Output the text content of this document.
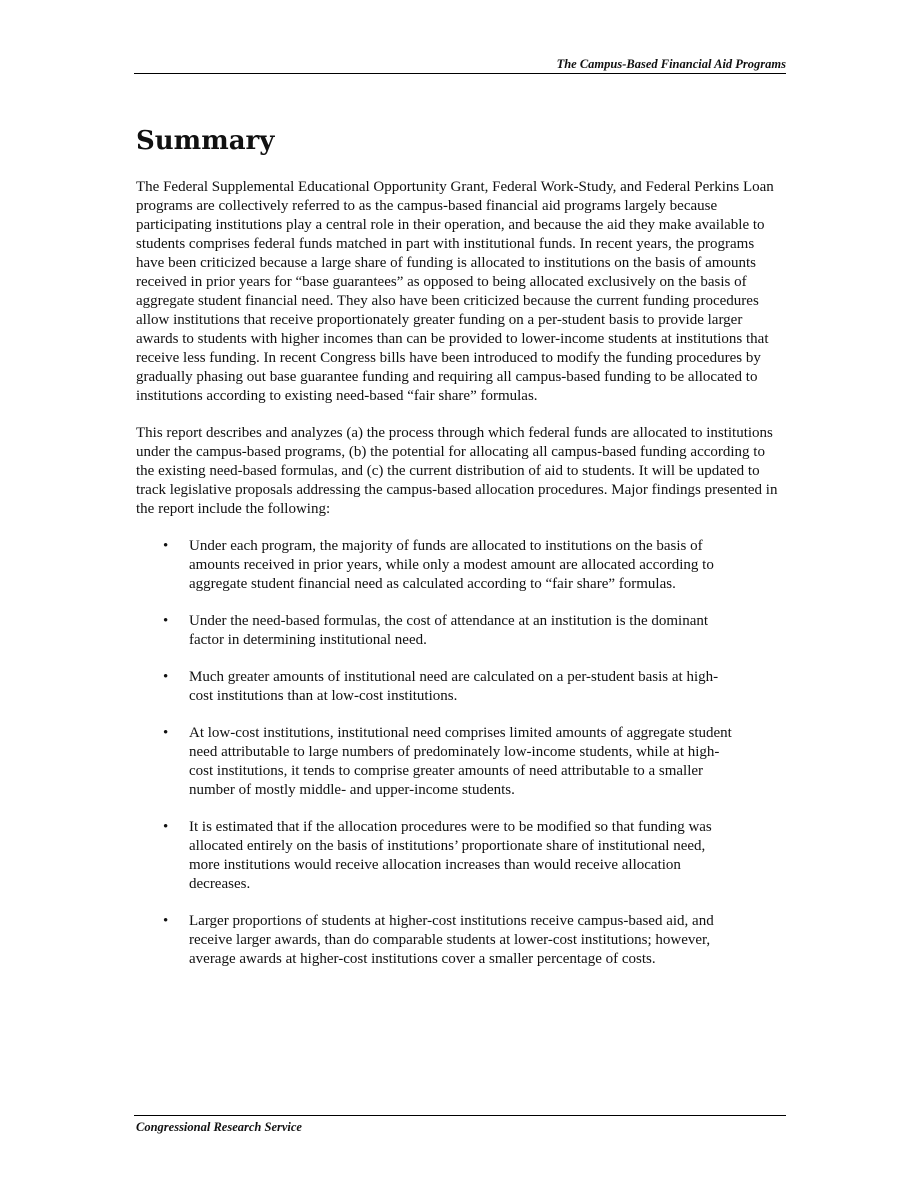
The Campus-Based Financial Aid Programs
Summary

The Federal Supplemental Educational Opportunity Grant, Federal Work-Study, and Federal Perkins Loan programs are collectively referred to as the campus-based financial aid programs largely because participating institutions play a central role in their operation, and because the aid they make available to students comprises federal funds matched in part with institutional funds. In recent years, the programs have been criticized because a large share of funding is allocated to institutions on the basis of amounts received in prior years for “base guarantees” as opposed to being allocated exclusively on the basis of aggregate student financial need. They also have been criticized because the current funding procedures allow institutions that receive proportionately greater funding on a per-student basis to provide larger awards to students with higher incomes than can be provided to lower-income students at institutions that receive less funding. In recent Congress bills have been introduced to modify the funding procedures by gradually phasing out base guarantee funding and requiring all campus-based funding to be allocated to institutions according to existing need-based “fair share” formulas.

This report describes and analyzes (a) the process through which federal funds are allocated to institutions under the campus-based programs, (b) the potential for allocating all campus-based funding according to the existing need-based formulas, and (c) the current distribution of aid to students. It will be updated to track legislative proposals addressing the campus-based allocation procedures. Major findings presented in the report include the following:

• Under each program, the majority of funds are allocated to institutions on the basis of amounts received in prior years, while only a modest amount are allocated according to aggregate student financial need as calculated according to “fair share” formulas.
• Under the need-based formulas, the cost of attendance at an institution is the dominant factor in determining institutional need.
• Much greater amounts of institutional need are calculated on a per-student basis at high-cost institutions than at low-cost institutions.
• At low-cost institutions, institutional need comprises limited amounts of aggregate student need attributable to large numbers of predominately low-income students, while at high-cost institutions, it tends to comprise greater amounts of need attributable to a smaller number of mostly middle- and upper-income students.
• It is estimated that if the allocation procedures were to be modified so that funding was allocated entirely on the basis of institutions’ proportionate share of institutional need, more institutions would receive allocation increases than would receive allocation decreases.
• Larger proportions of students at higher-cost institutions receive campus-based aid, and receive larger awards, than do comparable students at lower-cost institutions; however, average awards at higher-cost institutions cover a smaller percentage of costs.
Congressional Research Service
